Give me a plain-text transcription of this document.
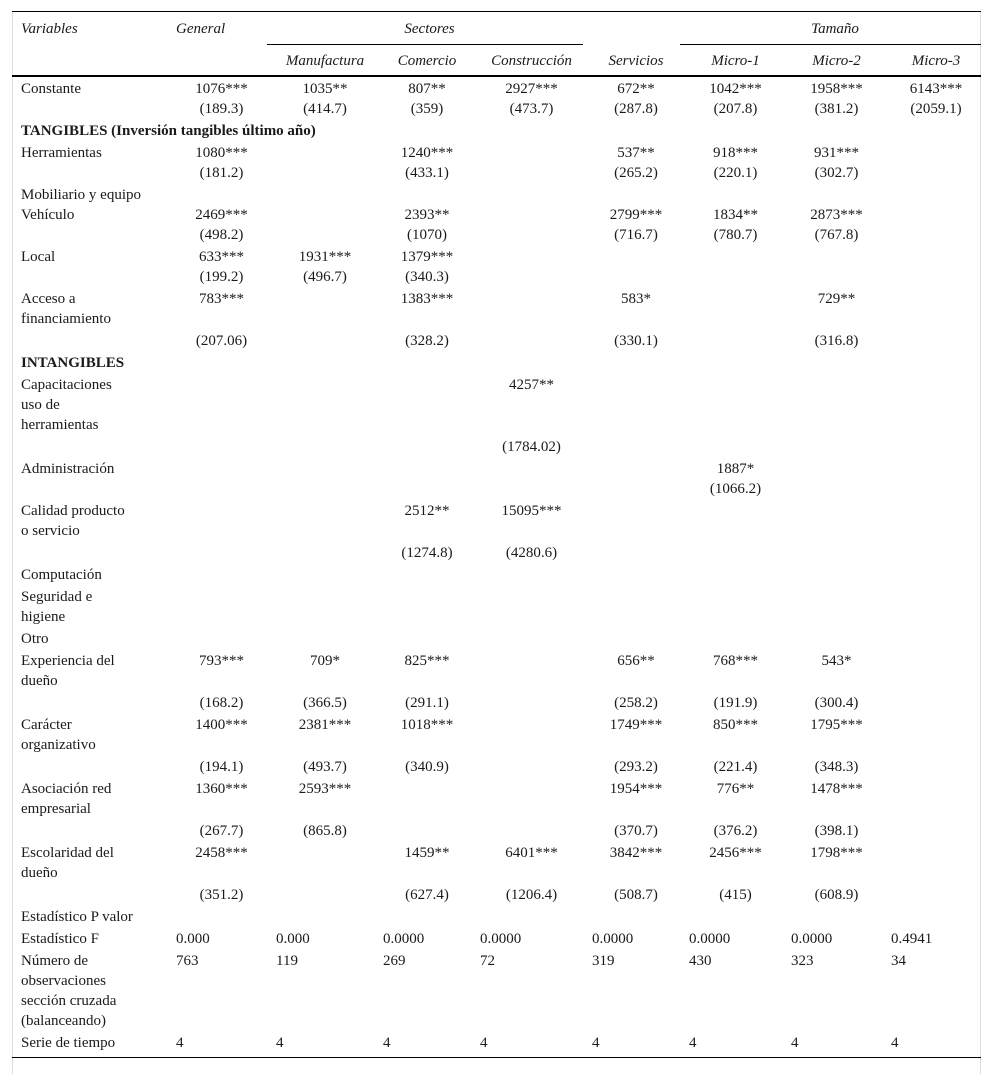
Variables	General	Sectores				Tamaño		
		Manufactura	Comercio	Construcción	Servicios	Micro-1	Micro-2	Micro-3
Constante	1076***	1035**	807**	2927***	672**	1042***	1958***	6143***
	(189.3)	(414.7)	(359)	(473.7)	(287.8)	(207.8)	(381.2)	(2059.1)
TANGIBLES (Inversión tangibles último año)								
Herramientas	1080***		1240***		537**	918***	931***	
	(181.2)		(433.1)		(265.2)	(220.1)	(302.7)	
Mobiliario y equipo								
Vehículo	2469***		2393**		2799***	1834**	2873***	
	(498.2)		(1070)		(716.7)	(780.7)	(767.8)	
Local	633***	1931***	1379***					
	(199.2)	(496.7)	(340.3)					

Acceso a
financiamiento	783***		1383***		583*		729**	
	(207.06)		(328.2)		(330.1)		(316.8)	
INTANGIBLES								

Capacitaciones
uso de
herramientas				4257**				
				(1784.02)				
Administración						1887*		
						(1066.2)		

Calidad producto
o servicio			2512**	15095***				
			(1274.8)	(4280.6)				
Computación								

Seguridad e
higiene								

Otro								

Experiencia del
dueño	793***	709*	825***		656**	768***	543*	
	(168.2)	(366.5)	(291.1)		(258.2)	(191.9)	(300.4)	

Carácter
organizativo	1400***	2381***	1018***		1749***	850***	1795***	
	(194.1)	(493.7)	(340.9)		(293.2)	(221.4)	(348.3)	

Asociación red
empresarial	1360***	2593***			1954***	776**	1478***	
	(267.7)	(865.8)			(370.7)	(376.2)	(398.1)	

Escolaridad del
dueño	2458***		1459**	6401***	3842***	2456***	1798***	
	(351.2)		(627.4)	(1206.4)	(508.7)	(415)	(608.9)	
Estadístico P valor								
Estadístico F	0.000	0.000	0.0000	0.0000	0.0000	0.0000	0.0000	0.4941

Número de
observaciones
sección cruzada
(balanceando)	763	119	269	72	319	430	323	34
Serie de tiempo	4	4	4	4	4	4	4	4
